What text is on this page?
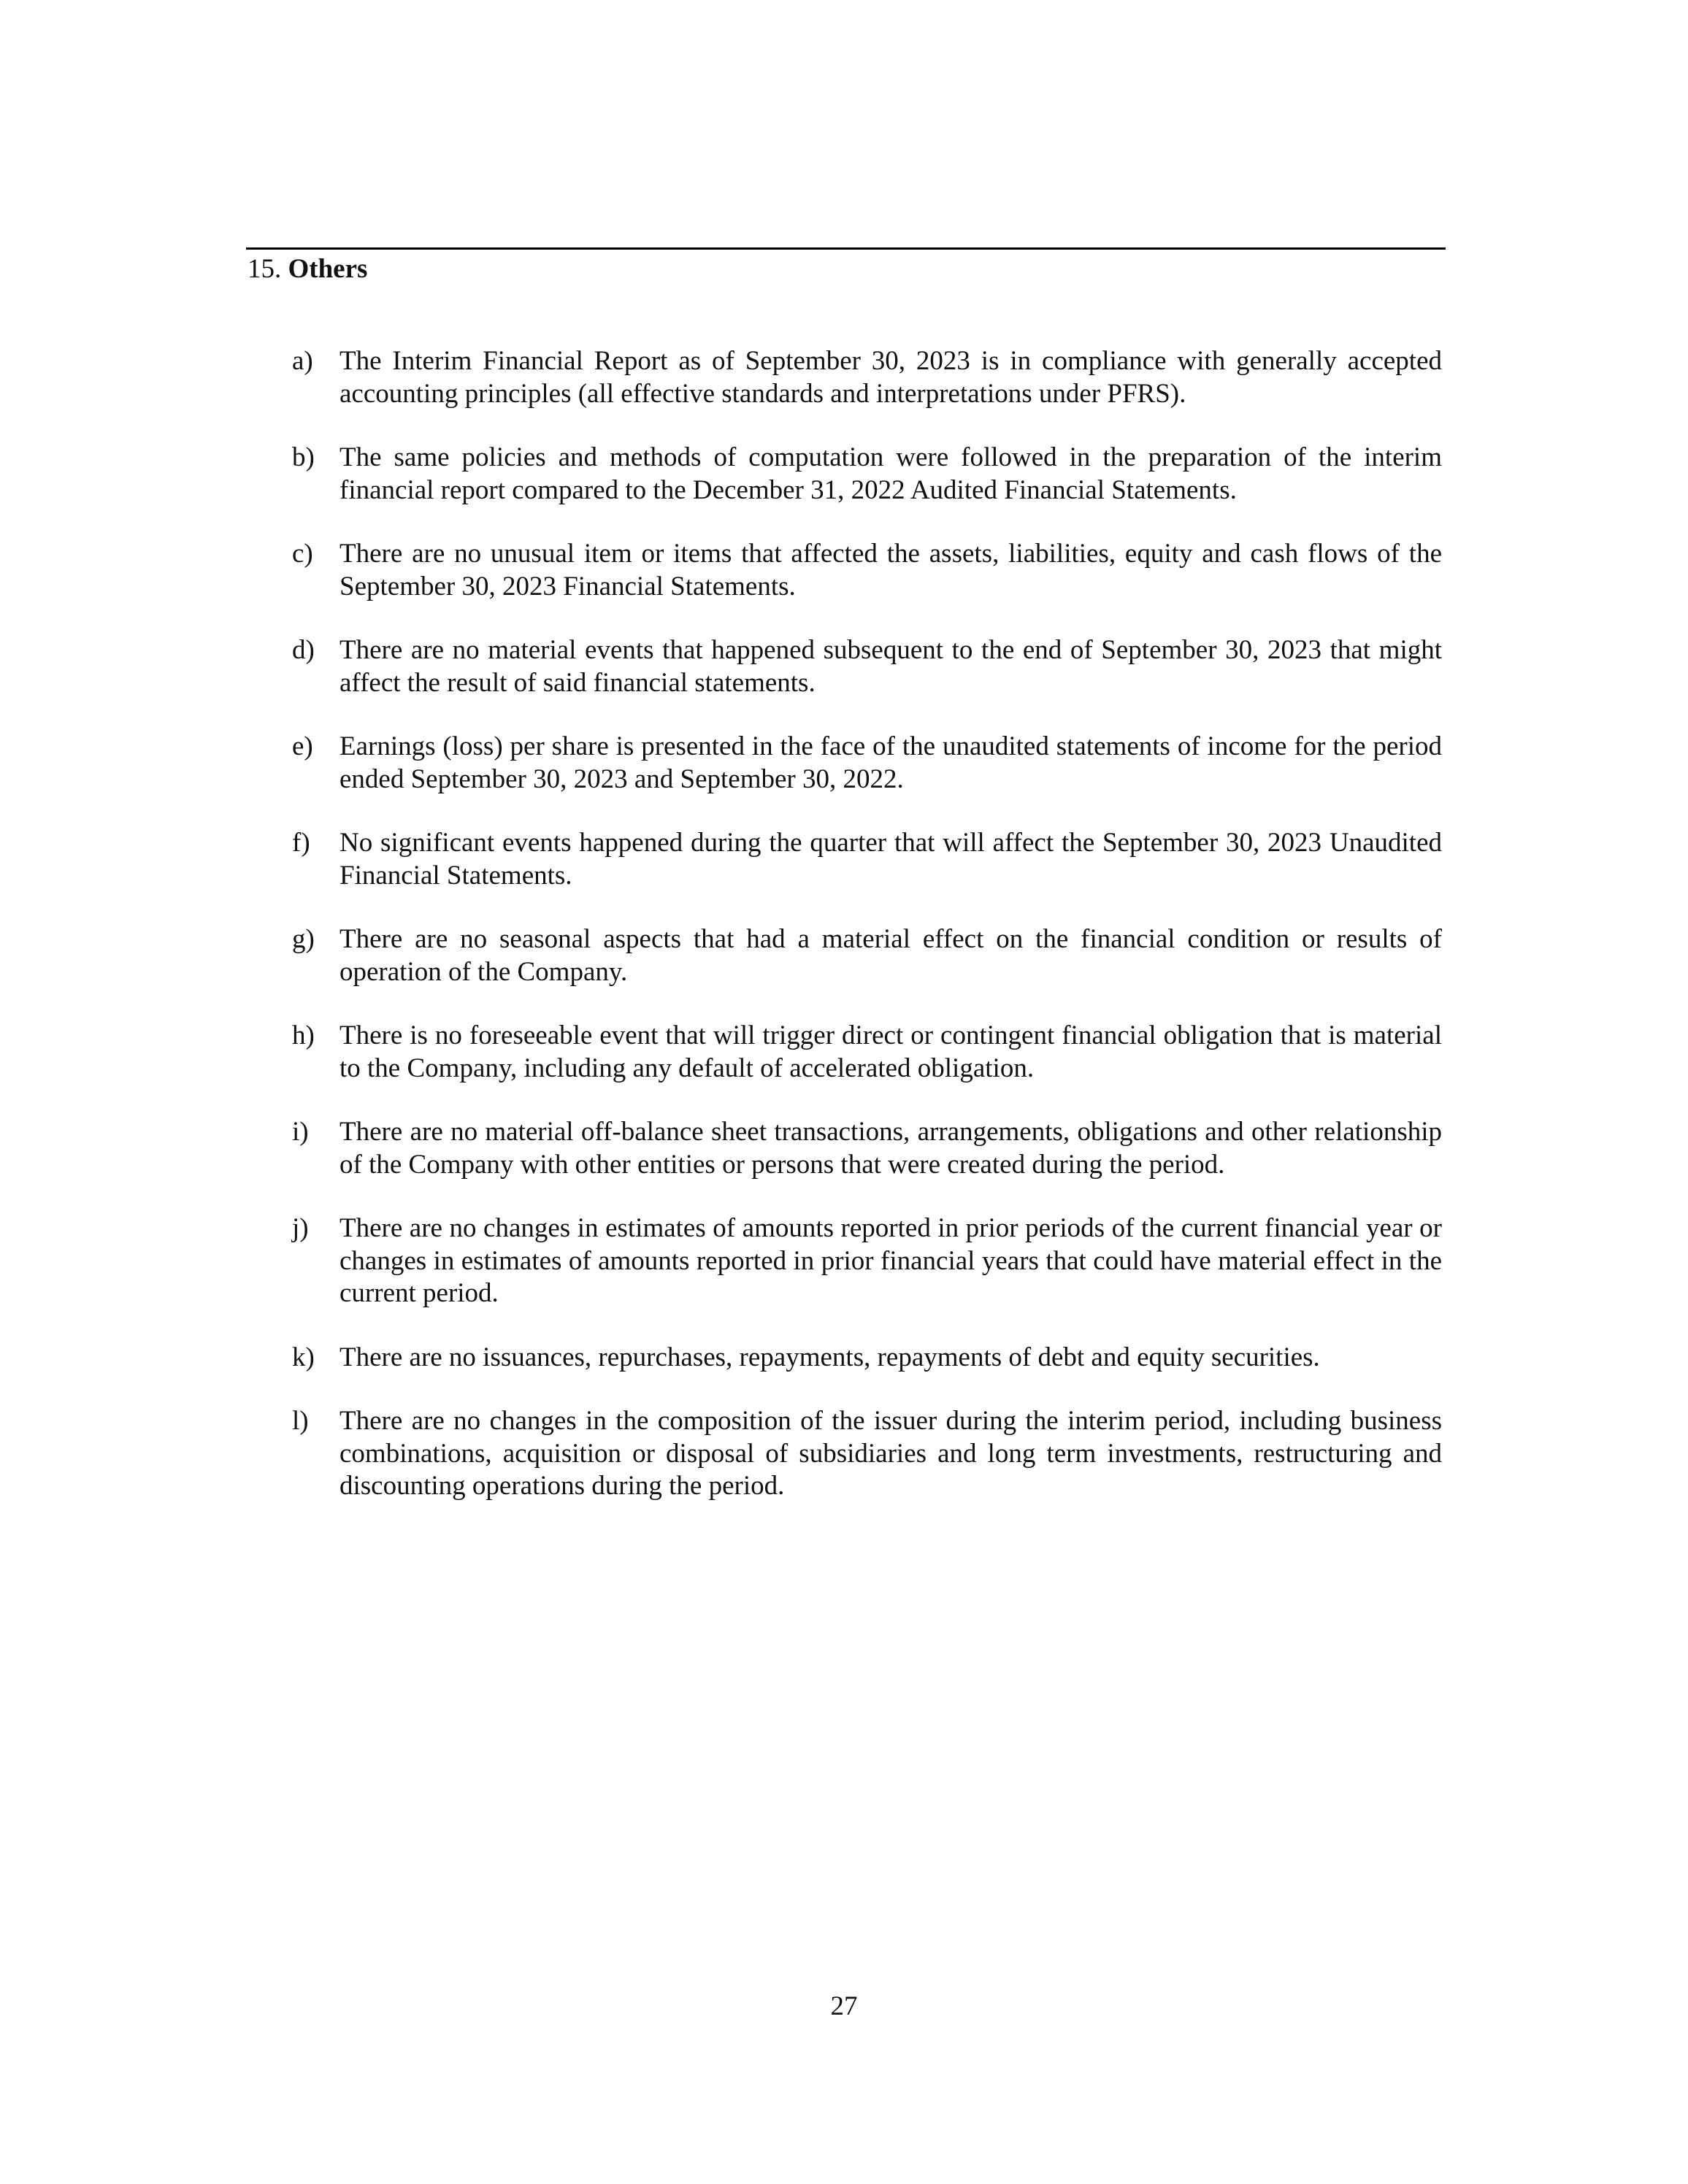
15. Others
a) The Interim Financial Report as of September 30, 2023 is in compliance with generally accepted accounting principles (all effective standards and interpretations under PFRS).
b) The same policies and methods of computation were followed in the preparation of the interim financial report compared to the December 31, 2022 Audited Financial Statements.
c) There are no unusual item or items that affected the assets, liabilities, equity and cash flows of the September 30, 2023 Financial Statements.
d) There are no material events that happened subsequent to the end of September 30, 2023 that might affect the result of said financial statements.
e) Earnings (loss) per share is presented in the face of the unaudited statements of income for the period ended September 30, 2023 and September 30, 2022.
f)	No significant events happened during the quarter that will affect the September 30, 2023 Unaudited Financial Statements.
g) There are no seasonal aspects that had a material effect on the financial condition or results of operation of the Company.
h) There is no foreseeable event that will trigger direct or contingent financial obligation that is material to the Company, including any default of accelerated obligation.
i)	There are no material off-balance sheet transactions, arrangements, obligations and other relationship of the Company with other entities or persons that were created during the period.
j)	There are no changes in estimates of amounts reported in prior periods of the current financial year or changes in estimates of amounts reported in prior financial years that could have material effect in the current period.
k) There are no issuances, repurchases, repayments, repayments of debt and equity securities.
l)	There are no changes in the composition of the issuer during the interim period, including business combinations, acquisition or disposal of subsidiaries and long term investments, restructuring and discounting operations during the period.
27
